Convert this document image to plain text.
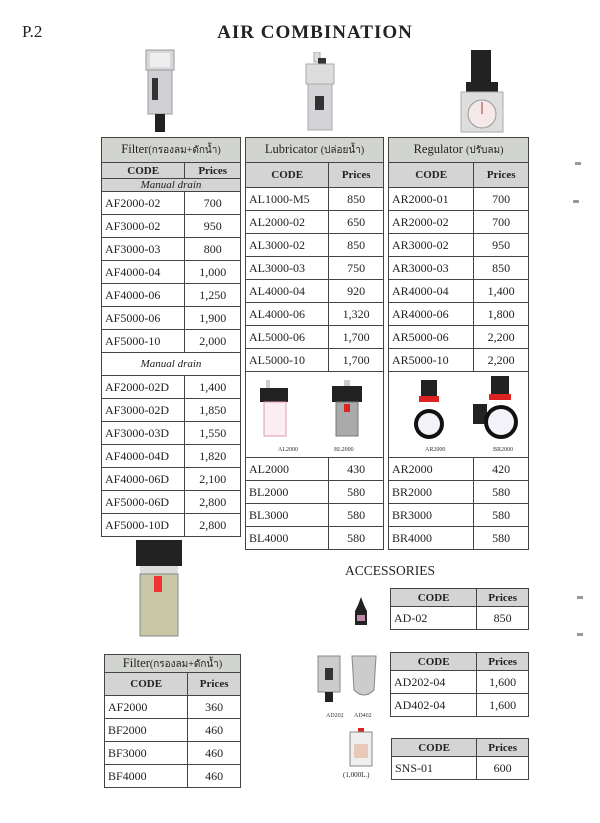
P.2	AIR COMBINATION
Filter(กรองลม+ดักน้ำ)	
CODE	Prices
Manual drain	
AF2000-02	700
AF3000-02	950
AF3000-03	800
AF4000-04	1,000
AF4000-06	1,250
AF5000-06	1,900
AF5000-10	2,000
Manual drain	
AF2000-02D	1,400
AF3000-02D	1,850
AF3000-03D	1,550
AF4000-04D	1,820
AF4000-06D	2,100
AF5000-06D	2,800
AF5000-10D	2,800
Lubricator (ปล่อยน้ำ)	
CODE	Prices
AL1000-M5	850
AL2000-02	650
AL3000-02	850
AL3000-03	750
AL4000-04	920
AL4000-06	1,320
AL5000-06	1,700
AL5000-10	1,700

AL2000 BL2000	

AL2000	430
BL2000	580
BL3000	580
BL4000	580
Regulator (ปรับลม)	
CODE	Prices
AR2000-01	700
AR2000-02	700
AR3000-02	950
AR3000-03	850
AR4000-04	1,400
AR4000-06	1,800
AR5000-06	2,200
AR5000-10	2,200

AR2000 BR2000	

AR2000	420
BR2000	580
BR3000	580
BR4000	580
Filter(กรองลม+ดักน้ำ)	
CODE	Prices
AF2000	360
BF2000	460
BF3000	460
BF4000	460
ACCESSORIES
CODE	Prices
AD-02	850
AD202 AD402
CODE	Prices
AD202-04	1,600
AD402-04	1,600
(1,000L.)
CODE	Prices
SNS-01	600
